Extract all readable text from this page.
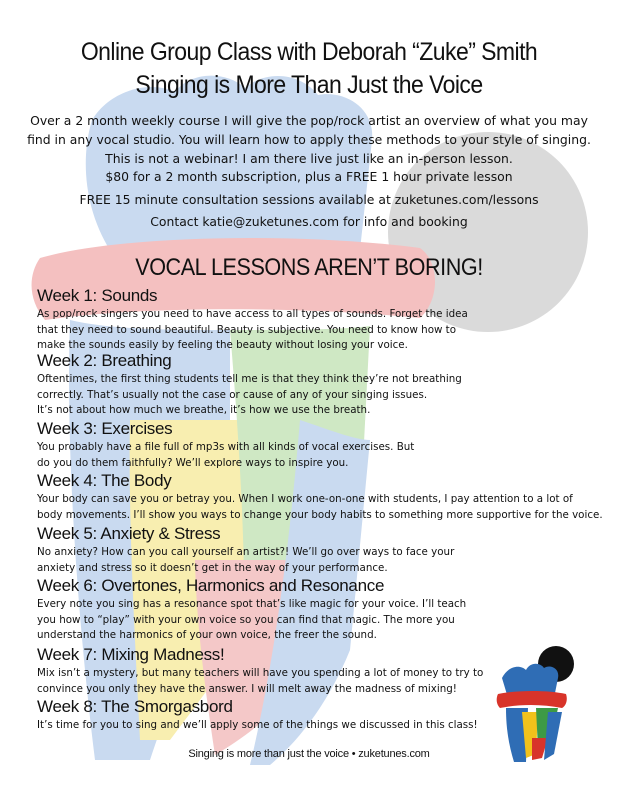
Online Group Class with Deborah “Zuke” Smith
Singing is More Than Just the Voice
Over a 2 month weekly course I will give the pop/rock artist an overview of what you may find in any vocal studio. You will learn how to apply these methods to your style of singing. This is not a webinar! I am there live just like an in-person lesson.
$80 for a 2 month subscription, plus a FREE 1 hour private lesson
FREE 15 minute consultation sessions available at zuketunes.com/lessons
Contact katie@zuketunes.com for info and booking
VOCAL LESSONS AREN’T BORING!
Week 1: Sounds
As pop/rock singers you need to have access to all types of sounds. Forget the idea
that they need to sound beautiful. Beauty is subjective. You need to know how to
make the sounds easily by feeling the beauty without losing your voice.
Week 2: Breathing
Oftentimes, the first thing students tell me is that they think they’re not breathing
correctly. That’s usually not the case or cause of any of your singing issues.
It’s not about how much we breathe, it’s how we use the breath.
Week 3: Exercises
You probably have a file full of mp3s with all kinds of vocal exercises. But
do you do them faithfully? We’ll explore ways to inspire you.
Week 4: The Body
Your body can save you or betray you. When I work one-on-one with students, I pay attention to a lot of
body movements. I’ll show you ways to change your body habits to something more supportive for the voice.
Week 5: Anxiety & Stress
No anxiety? How can you call yourself an artist?! We’ll go over ways to face your
anxiety and stress so it doesn’t get in the way of your performance.
Week 6: Overtones, Harmonics and Resonance
Every note you sing has a resonance spot that’s like magic for your voice. I’ll teach
you how to “play” with your own voice so you can find that magic. The more you
understand the harmonics of your own voice, the freer the sound.
Week 7: Mixing Madness!
Mix isn’t a mystery, but many teachers will have you spending a lot of money to try to
convince you only they have the answer. I will melt away the madness of mixing!
Week 8: The Smorgasbord
It’s time for you to sing and we’ll apply some of the things we discussed in this class!
Singing is more than just the voice • zuketunes.com
